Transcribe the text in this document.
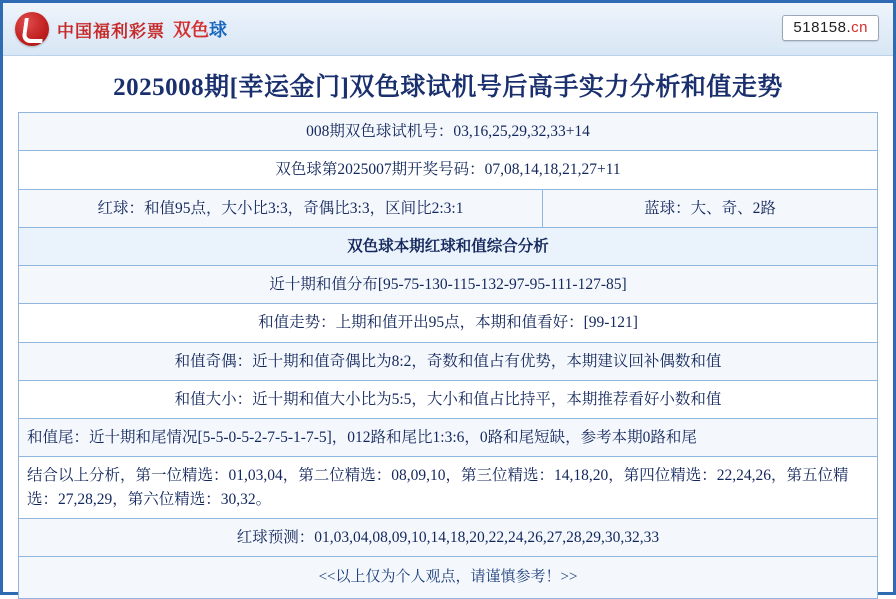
中国福利彩票 双色球	518158.cn
2025008期[幸运金门]双色球试机号后高手实力分析和值走势
008期双色球试机号：03,16,25,29,32,33+14
双色球第2025007期开奖号码：07,08,14,18,21,27+11
红球：和值95点，大小比3:3，奇偶比3:3，区间比2:3:1	蓝球：大、奇、2路
双色球本期红球和值综合分析
近十期和值分布[95-75-130-115-132-97-95-111-127-85]
和值走势：上期和值开出95点，本期和值看好：[99-121]
和值奇偶：近十期和值奇偶比为8:2，奇数和值占有优势，本期建议回补偶数和值
和值大小：近十期和值大小比为5:5，大小和值占比持平，本期推荐看好小数和值
和值尾：近十期和尾情况[5-5-0-5-2-7-5-1-7-5]，012路和尾比1:3:6，0路和尾短缺，参考本期0路和尾
结合以上分析，第一位精选：01,03,04，第二位精选：08,09,10，第三位精选：14,18,20，第四位精选：22,24,26，第五位精选：27,28,29，第六位精选：30,32。
红球预测：01,03,04,08,09,10,14,18,20,22,24,26,27,28,29,30,32,33
<<以上仅为个人观点，请谨慎参考！>>
